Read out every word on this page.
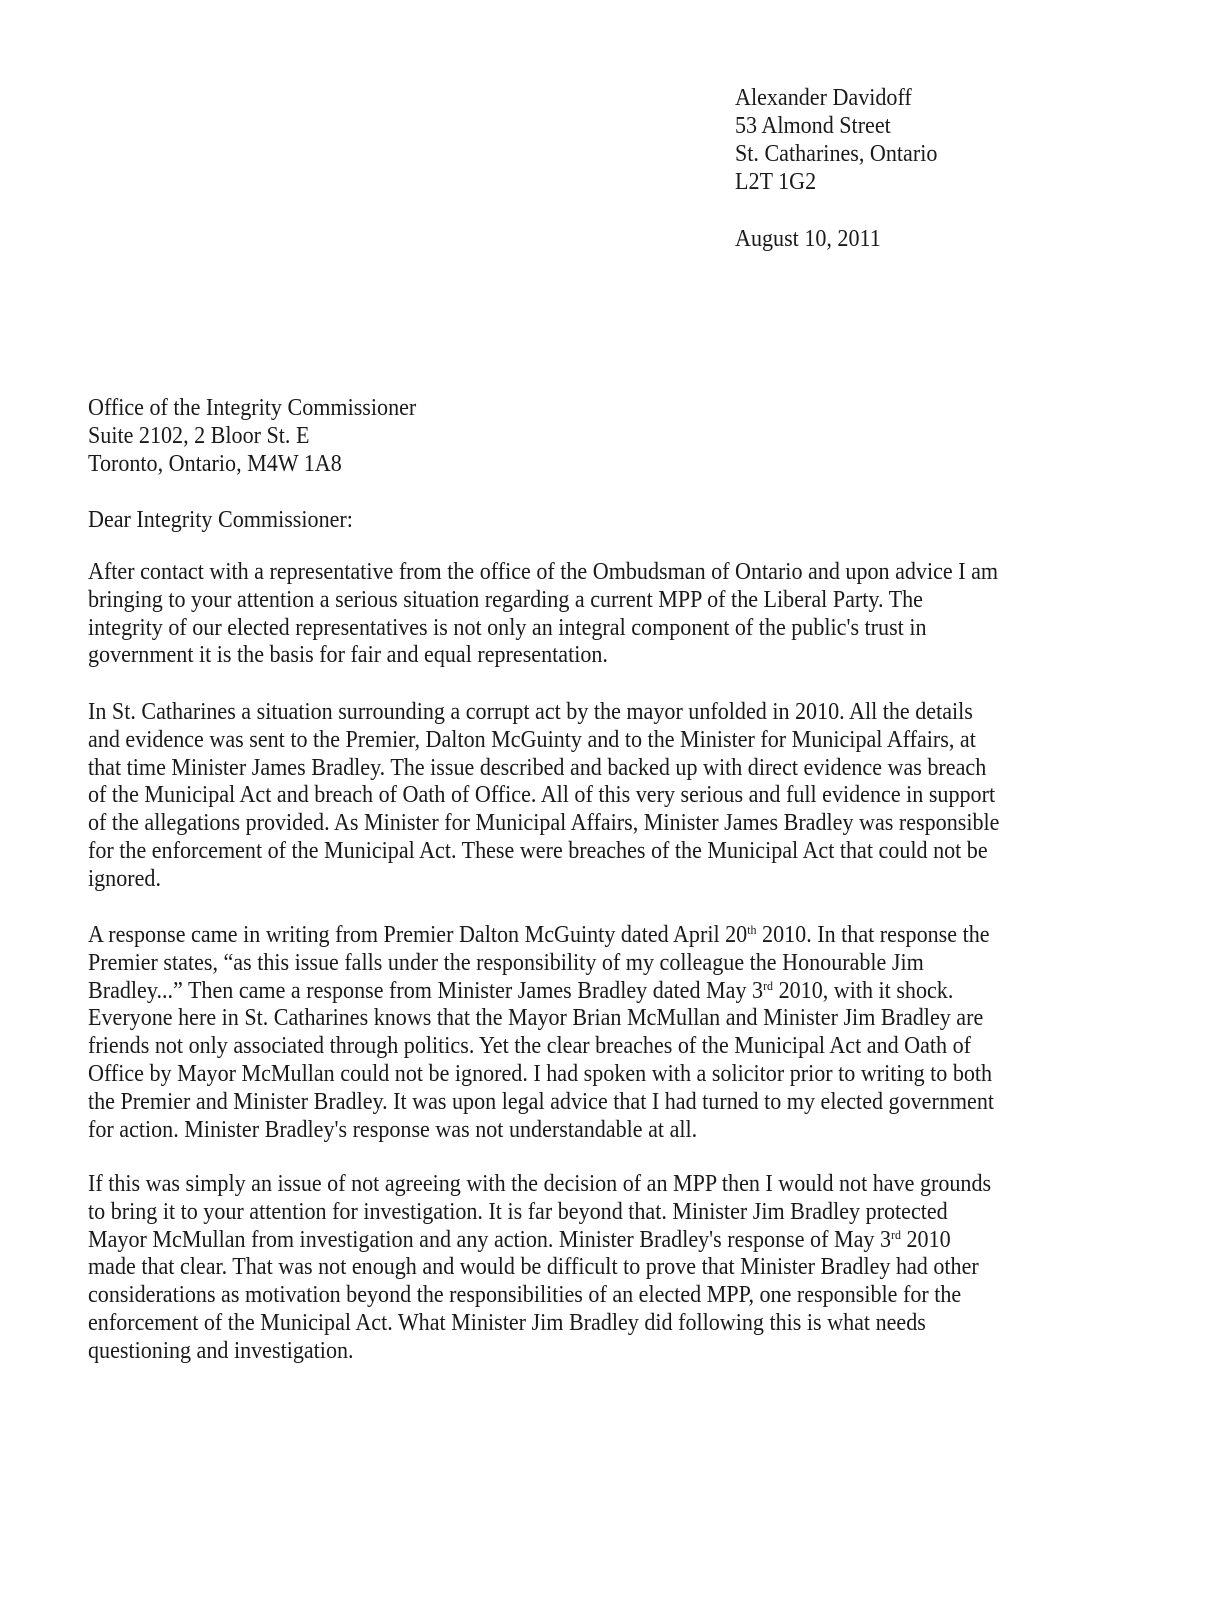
Alexander Davidoff
53 Almond Street
St. Catharines, Ontario
L2T 1G2
August 10, 2011
Office of the Integrity Commissioner
Suite 2102, 2 Bloor St. E
Toronto, Ontario, M4W 1A8
Dear Integrity Commissioner:
After contact with a representative from the office of the Ombudsman of Ontario and upon advice I am
bringing to your attention a serious situation regarding a current MPP of the Liberal Party. The
integrity of our elected representatives is not only an integral component of the public's trust in
government it is the basis for fair and equal representation.
In St. Catharines a situation surrounding a corrupt act by the mayor unfolded in 2010. All the details
and evidence was sent to the Premier, Dalton McGuinty and to the Minister for Municipal Affairs, at
that time Minister James Bradley. The issue described and backed up with direct evidence was breach
of the Municipal Act and breach of Oath of Office. All of this very serious and full evidence in support
of the allegations provided. As Minister for Municipal Affairs, Minister James Bradley was responsible
for the enforcement of the Municipal Act. These were breaches of the Municipal Act that could not be
ignored.
A response came in writing from Premier Dalton McGuinty dated April 20th 2010. In that response the
Premier states, “as this issue falls under the responsibility of my colleague the Honourable Jim
Bradley...” Then came a response from Minister James Bradley dated May 3rd 2010, with it shock.
Everyone here in St. Catharines knows that the Mayor Brian McMullan and Minister Jim Bradley are
friends not only associated through politics. Yet the clear breaches of the Municipal Act and Oath of
Office by Mayor McMullan could not be ignored. I had spoken with a solicitor prior to writing to both
the Premier and Minister Bradley. It was upon legal advice that I had turned to my elected government
for action. Minister Bradley's response was not understandable at all.
If this was simply an issue of not agreeing with the decision of an MPP then I would not have grounds
to bring it to your attention for investigation. It is far beyond that. Minister Jim Bradley protected
Mayor McMullan from investigation and any action. Minister Bradley's response of May 3rd 2010
made that clear. That was not enough and would be difficult to prove that Minister Bradley had other
considerations as motivation beyond the responsibilities of an elected MPP, one responsible for the
enforcement of the Municipal Act. What Minister Jim Bradley did following this is what needs
questioning and investigation.
